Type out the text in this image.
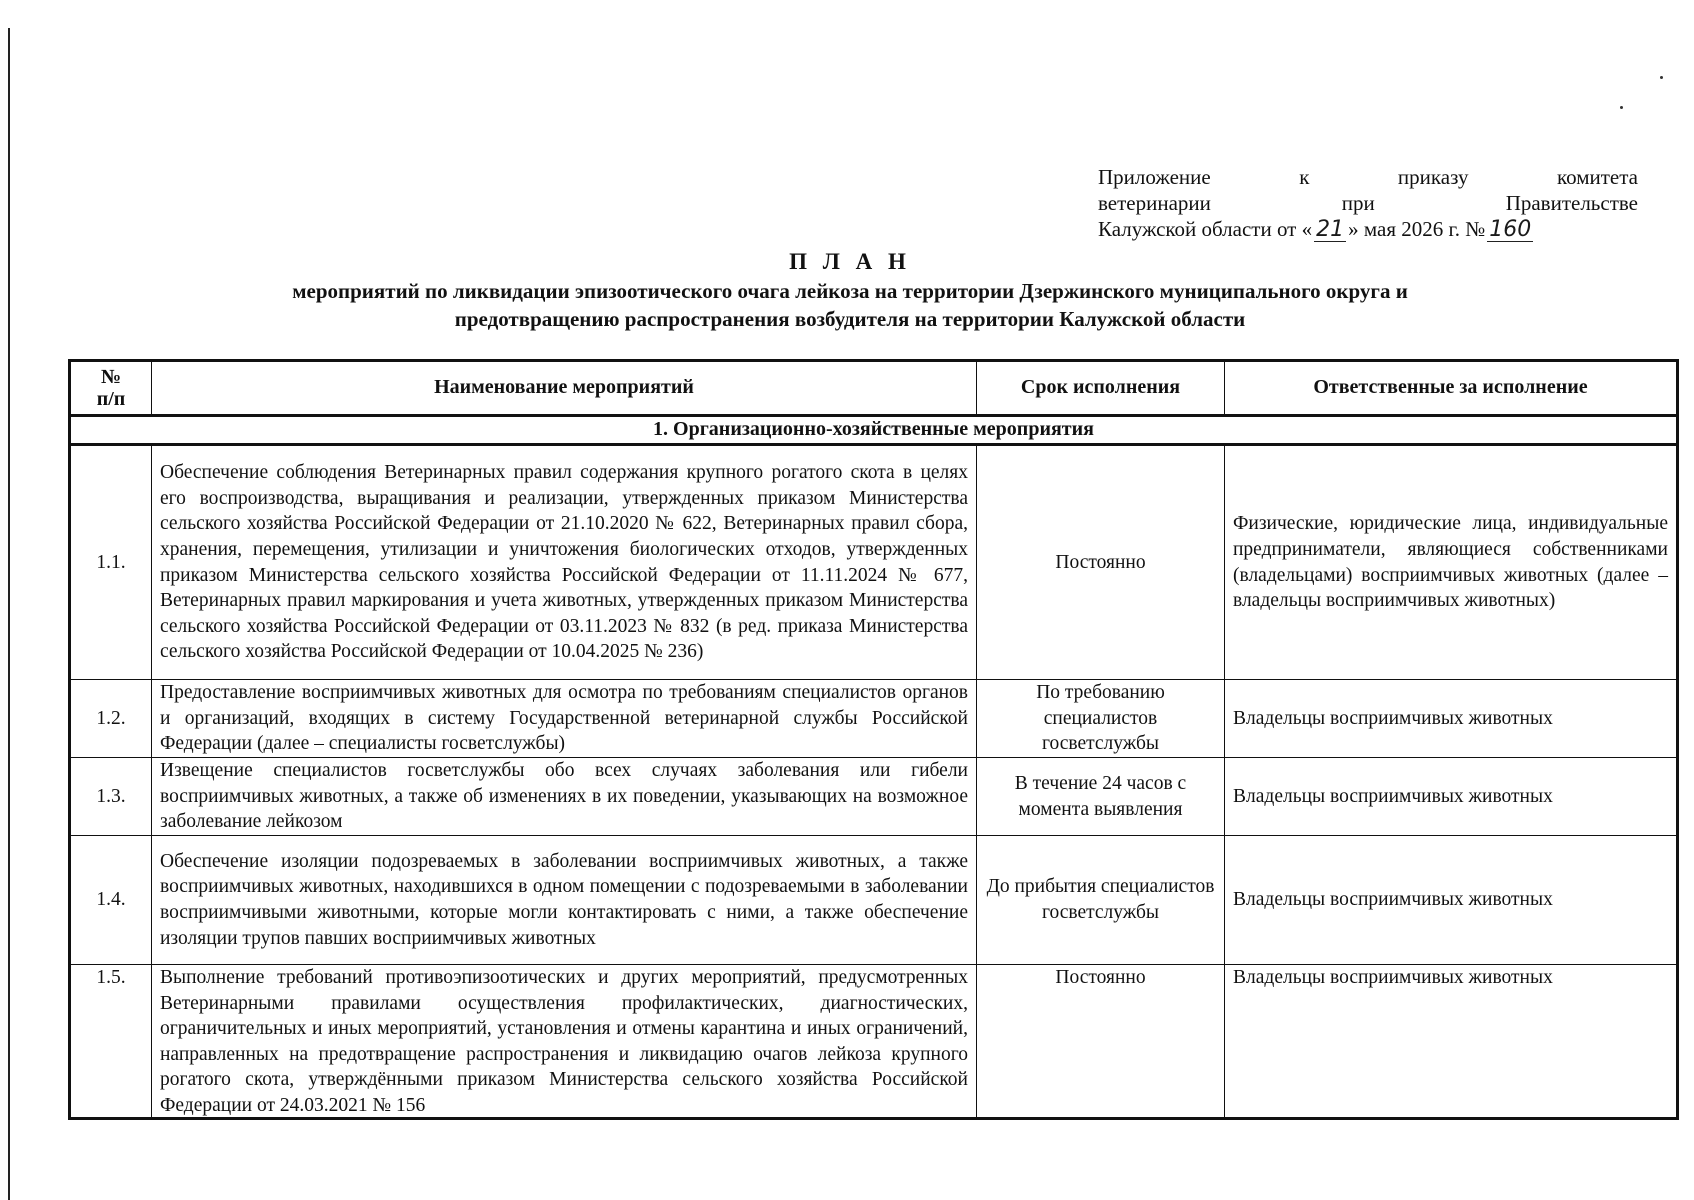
Приложение	к	приказу	комитета
ветеринарии	при	Правительстве
Калужской области от « 21 » мая 2026 г. № 160
П Л А Н
мероприятий по ликвидации эпизоотического очага лейкоза на территории Дзержинского муниципального округа и
предотвращению распространения возбудителя на территории Калужской области
№
п/п	Наименование мероприятий	Срок исполнения	Ответственные за исполнение
1. Организационно-хозяйственные мероприятия			
1.1.	Обеспечение соблюдения Ветеринарных правил содержания крупного рогатого скота в целях его воспроизводства, выращивания и реализации, утвержденных приказом Министерства сельского хозяйства Российской Федерации от 21.10.2020 № 622, Ветеринарных правил сбора, хранения, перемещения, утилизации и уничтожения биологических отходов, утвержденных приказом Министерства сельского хозяйства Российской Федерации от 11.11.2024 № 677, Ветеринарных правил маркирования и учета животных, утвержденных приказом Министерства сельского хозяйства Российской Федерации от 03.11.2023 № 832 (в ред. приказа Министерства сельского хозяйства Российской Федерации от 10.04.2025 № 236)	Постоянно	Физические, юридические лица, индивидуальные предприниматели, являющиеся собственниками (владельцами) восприимчивых животных (далее – владельцы восприимчивых животных)
1.2.	Предоставление восприимчивых животных для осмотра по требованиям специалистов органов и организаций, входящих в систему Государственной ветеринарной службы Российской Федерации (далее – специалисты госветслужбы)	По требованию специалистов госветслужбы	Владельцы восприимчивых животных
1.3.	Извещение специалистов госветслужбы обо всех случаях заболевания или гибели восприимчивых животных, а также об изменениях в их поведении, указывающих на возможное заболевание лейкозом	В течение 24 часов с момента выявления	Владельцы восприимчивых животных
1.4.	Обеспечение изоляции подозреваемых в заболевании восприимчивых животных, а также восприимчивых животных, находившихся в одном помещении с подозреваемыми в заболевании восприимчивыми животными, которые могли контактировать с ними, а также обеспечение изоляции трупов павших восприимчивых животных	До прибытия специалистов госветслужбы	Владельцы восприимчивых животных
1.5.	Выполнение требований противоэпизоотических и других мероприятий, предусмотренных Ветеринарными правилами осуществления профилактических, диагностических, ограничительных и иных мероприятий, установления и отмены карантина и иных ограничений, направленных на предотвращение распространения и ликвидацию очагов лейкоза крупного рогатого скота, утверждёнными приказом Министерства сельского хозяйства Российской Федерации от 24.03.2021 № 156	Постоянно	Владельцы восприимчивых животных
